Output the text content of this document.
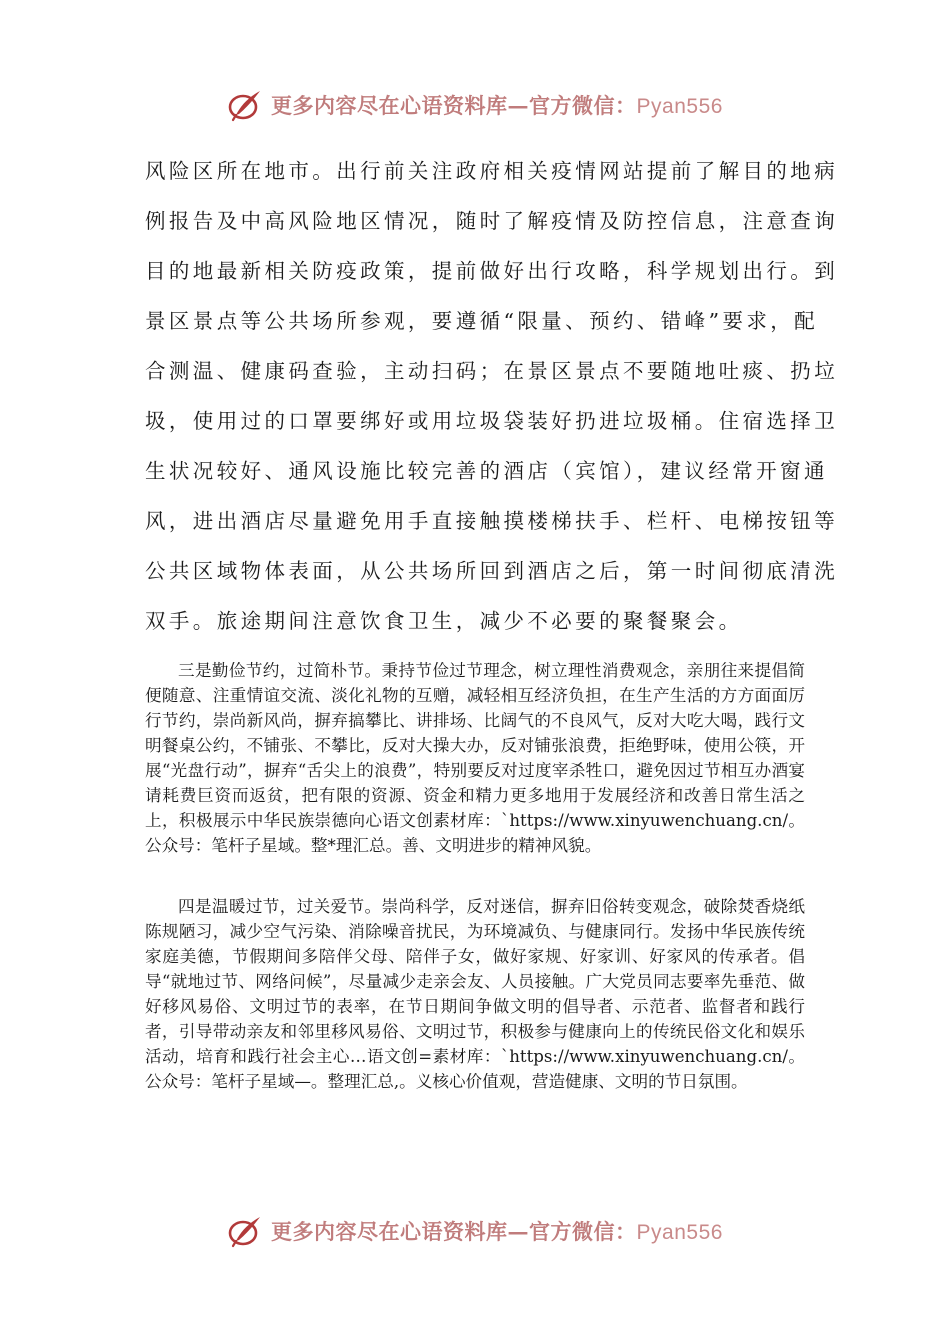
更多内容尽在心语资料库—官方微信：Pyan556
风险区所在地市。出行前关注政府相关疫情网站提前了解目的地病
例报告及中高风险地区情况，随时了解疫情及防控信息，注意查询
目的地最新相关防疫政策，提前做好出行攻略，科学规划出行。到
景区景点等公共场所参观，要遵循“限量、预约、错峰”要求，配
合测温、健康码查验，主动扫码；在景区景点不要随地吐痰、扔垃
圾，使用过的口罩要绑好或用垃圾袋装好扔进垃圾桶。住宿选择卫
生状况较好、通风设施比较完善的酒店（宾馆），建议经常开窗通
风，进出酒店尽量避免用手直接触摸楼梯扶手、栏杆、电梯按钮等
公共区域物体表面，从公共场所回到酒店之后，第一时间彻底清洗
双手。旅途期间注意饮食卫生，减少不必要的聚餐聚会。

三是勤俭节约，过简朴节。秉持节俭过节理念，树立理性消费观念，亲朋往来提倡简便随意、注重情谊交流、淡化礼物的互赠，减轻相互经济负担，在生产生活的方方面面厉行节约，崇尚新风尚，摒弃搞攀比、讲排场、比阔气的不良风气，反对大吃大喝，践行文明餐桌公约，不铺张、不攀比，反对大操大办，反对铺张浪费，拒绝野味，使用公筷，开展“光盘行动”，摒弃“舌尖上的浪费”，特别要反对过度宰杀牲口，避免因过节相互办酒宴请耗费巨资而返贫，把有限的资源、资金和精力更多地用于发展经济和改善日常生活之上，积极展示中华民族崇德向心语文创素材库：`https://www.xinyuwenchuang.cn/。公众号：笔杆子星域。整*理汇总。善、文明进步的精神风貌。

四是温暖过节，过关爱节。崇尚科学，反对迷信，摒弃旧俗转变观念，破除焚香烧纸陈规陋习，减少空气污染、消除噪音扰民，为环境减负、与健康同行。发扬中华民族传统家庭美德，节假期间多陪伴父母、陪伴子女，做好家规、好家训、好家风的传承者。倡导“就地过节、网络问候”，尽量减少走亲会友、人员接触。广大党员同志要率先垂范、做好移风易俗、文明过节的表率，在节日期间争做文明的倡导者、示范者、监督者和践行者，引导带动亲友和邻里移风易俗、文明过节，积极参与健康向上的传统民俗文化和娱乐活动，培育和践行社会主心…语文创=素材库：`https://www.xinyuwenchuang.cn/。公众号：笔杆子星域—。整理汇总,。义核心价值观，营造健康、文明的节日氛围。

更多内容尽在心语资料库—官方微信：Pyan556
